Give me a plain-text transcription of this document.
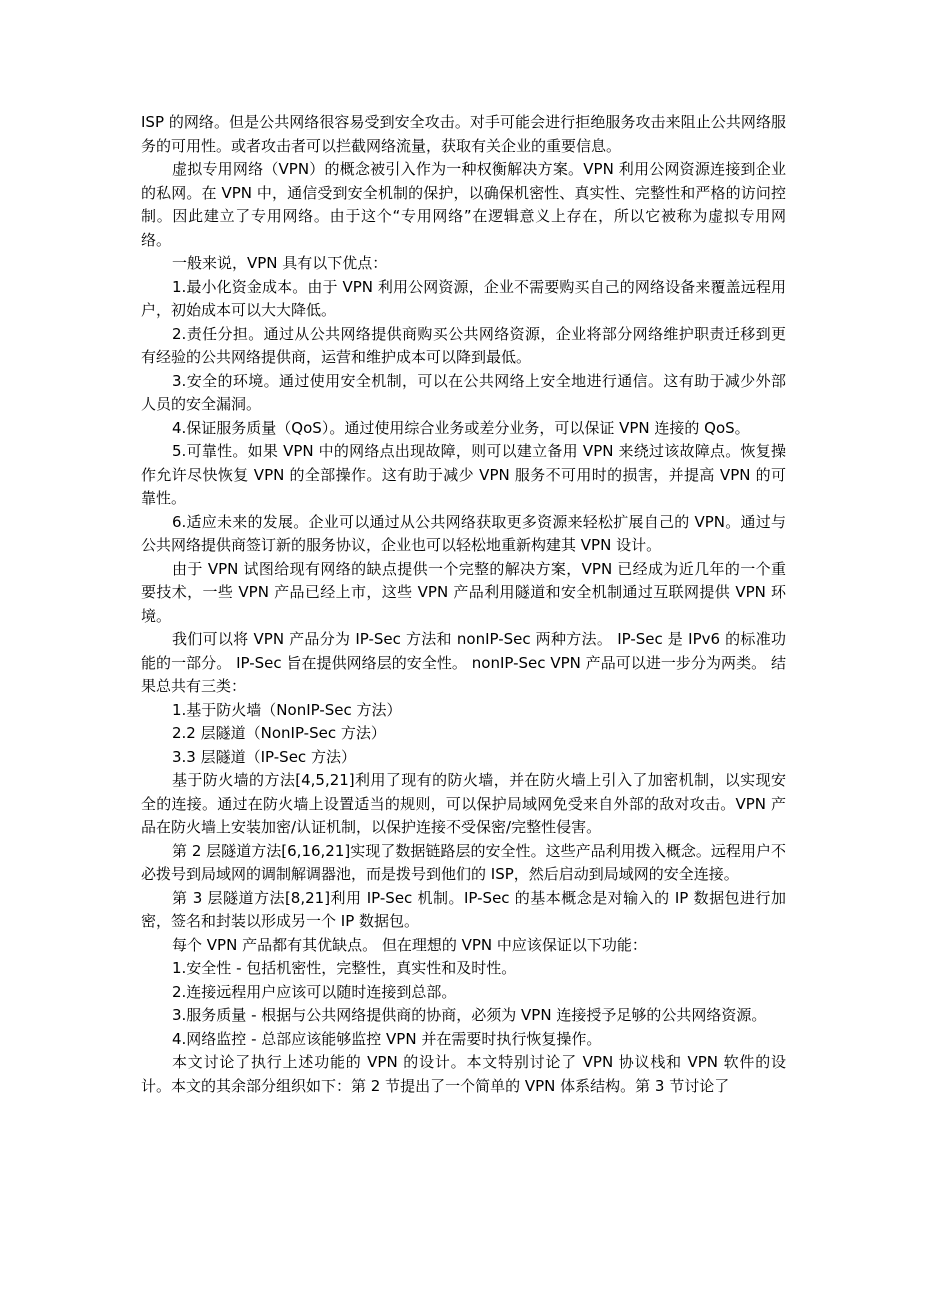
ISP 的网络。但是公共网络很容易受到安全攻击。对手可能会进行拒绝服务攻击来阻止公共网络服务的可用性。或者攻击者可以拦截网络流量，获取有关企业的重要信息。

虚拟专用网络（VPN）的概念被引入作为一种权衡解决方案。VPN 利用公网资源连接到企业的私网。在 VPN 中，通信受到安全机制的保护，以确保机密性、真实性、完整性和严格的访问控制。因此建立了专用网络。由于这个“专用网络”在逻辑意义上存在，所以它被称为虚拟专用网络。

一般来说，VPN 具有以下优点：

1.最小化资金成本。由于 VPN 利用公网资源，企业不需要购买自己的网络设备来覆盖远程用户，初始成本可以大大降低。

2.责任分担。通过从公共网络提供商购买公共网络资源，企业将部分网络维护职责迁移到更有经验的公共网络提供商，运营和维护成本可以降到最低。

3.安全的环境。通过使用安全机制，可以在公共网络上安全地进行通信。这有助于减少外部人员的安全漏洞。

4.保证服务质量（QoS）。通过使用综合业务或差分业务，可以保证 VPN 连接的 QoS。

5.可靠性。如果 VPN 中的网络点出现故障，则可以建立备用 VPN 来绕过该故障点。恢复操作允许尽快恢复 VPN 的全部操作。这有助于减少 VPN 服务不可用时的损害，并提高 VPN 的可靠性。

6.适应未来的发展。企业可以通过从公共网络获取更多资源来轻松扩展自己的 VPN。通过与公共网络提供商签订新的服务协议，企业也可以轻松地重新构建其 VPN 设计。

由于 VPN 试图给现有网络的缺点提供一个完整的解决方案，VPN 已经成为近几年的一个重要技术，一些 VPN 产品已经上市，这些 VPN 产品利用隧道和安全机制通过互联网提供 VPN 环境。

我们可以将 VPN 产品分为 IP-Sec 方法和 nonIP-Sec 两种方法。 IP-Sec 是 IPv6 的标准功能的一部分。 IP-Sec 旨在提供网络层的安全性。 nonIP-Sec VPN 产品可以进一步分为两类。 结果总共有三类：

1.基于防火墙（NonIP-Sec 方法）

2.2 层隧道（NonIP-Sec 方法）

3.3 层隧道（IP-Sec 方法）

基于防火墙的方法[4,5,21]利用了现有的防火墙，并在防火墙上引入了加密机制，以实现安全的连接。通过在防火墙上设置适当的规则，可以保护局域网免受来自外部的敌对攻击。VPN 产品在防火墙上安装加密/认证机制，以保护连接不受保密/完整性侵害。

第 2 层隧道方法[6,16,21]实现了数据链路层的安全性。这些产品利用拨入概念。远程用户不必拨号到局域网的调制解调器池，而是拨号到他们的 ISP，然后启动到局域网的安全连接。

第 3 层隧道方法[8,21]利用 IP-Sec 机制。IP-Sec 的基本概念是对输入的 IP 数据包进行加密，签名和封装以形成另一个 IP 数据包。

每个 VPN 产品都有其优缺点。 但在理想的 VPN 中应该保证以下功能：

1.安全性 - 包括机密性，完整性，真实性和及时性。

2.连接远程用户应该可以随时连接到总部。

3.服务质量 - 根据与公共网络提供商的协商，必须为 VPN 连接授予足够的公共网络资源。

4.网络监控 - 总部应该能够监控 VPN 并在需要时执行恢复操作。

本文讨论了执行上述功能的 VPN 的设计。本文特别讨论了 VPN 协议栈和 VPN 软件的设计。本文的其余部分组织如下：第 2 节提出了一个简单的 VPN 体系结构。第 3 节讨论了
